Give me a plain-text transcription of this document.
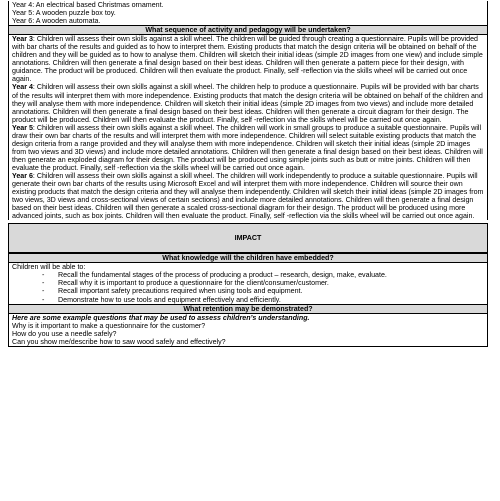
Year 4: An electrical based Christmas ornament.
Year 5: A wooden puzzle box toy.
Year 6: A wooden automata.
What sequence of activity and pedagogy will be undertaken?

Year 3: Children will assess their own skills against a skill wheel. The children will be guided through creating a questionnaire. Pupils will be provided with bar charts of the results and guided as to how to interpret them. Existing products that match the design criteria will be obtained on behalf of the children and they will be guided as to how to analyse them. Children will sketch their initial ideas (simple 2D images from one view) and include simple annotations. Children will then generate a final design based on their best ideas. Children will then generate a pattern piece for their design, with guidance. The product will be produced. Children will then evaluate the product. Finally, self -reflection via the skills wheel will be carried out once again.

Year 4: Children will assess their own skills against a skill wheel. The children help to produce a questionnaire. Pupils will be provided with bar charts of the results will interpret them with more independence. Existing products that match the design criteria will be obtained on behalf of the children and they will analyse them with more independence. Children will sketch their initial ideas (simple 2D images from two views) and include more detailed annotations. Children will then generate a final design based on their best ideas. Children will then generate a circuit diagram for their design. The product will be produced. Children will then evaluate the product. Finally, self -reflection via the skills wheel will be carried out once again.

Year 5: Children will assess their own skills against a skill wheel. The children will work in small groups to produce a suitable questionnaire. Pupils will draw their own bar charts of the results and will interpret them with more independence. Children will select suitable existing products that match the design criteria from a range provided and they will analyse them with more independence. Children will sketch their initial ideas (simple 2D images from two views and 3D views) and include more detailed annotations. Children will then generate a final design based on their best ideas. Children will then generate an exploded diagram for their design. The product will be produced using simple joints such as butt or mitre joints. Children will then evaluate the product. Finally, self -reflection via the skills wheel will be carried out once again.

Year 6: Children will assess their own skills against a skill wheel. The children will work independently to produce a suitable questionnaire. Pupils will generate their own bar charts of the results using Microsoft Excel and will interpret them with more independence. Children will source their own existing products that match the design criteria and they will analyse them independently. Children will sketch their initial ideas (simple 2D images from two views, 3D views and cross-sectional views of certain sections) and include more detailed annotations. Children will then generate a final design based on their best ideas. Children will then generate a scaled cross-sectional diagram for their design. The product will be produced using more advanced joints, such as box joints. Children will then evaluate the product. Finally, self -reflection via the skills wheel will be carried out once again.

IMPACT
What knowledge will the children have embedded?
Children will be able to:
- Recall the fundamental stages of the process of producing a product – research, design, make, evaluate.
- Recall why it is important to produce a questionnaire for the client/consumer/customer.
- Recall important safety precautions required when using tools and equipment.
- Demonstrate how to use tools and equipment effectively and efficiently.
What retention may be demonstrated?
Here are some example questions that may be used to assess children’s understanding.
Why is it important to make a questionnaire for the customer?
How do you use a needle safely?
Can you show me/describe how to saw wood safely and effectively?
